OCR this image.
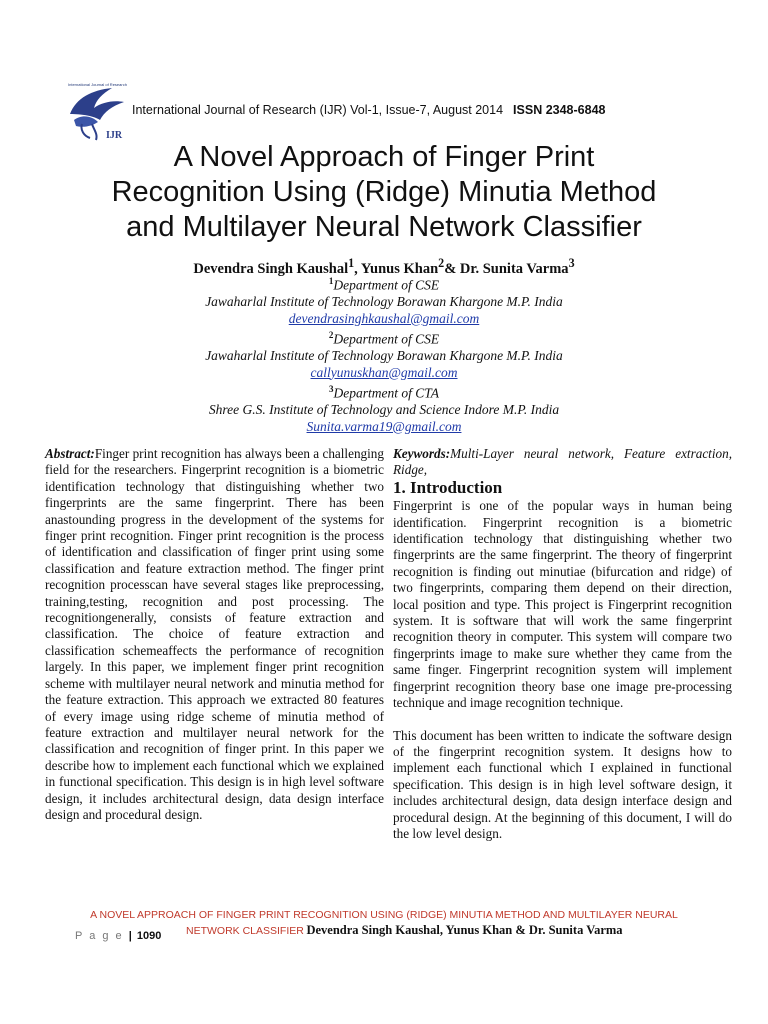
IJR
International Journal of Research
International Journal of Research (IJR) Vol-1, Issue-7, August 2014 ISSN 2348-6848
A Novel Approach of Finger Print
Recognition Using (Ridge) Minutia Method
and Multilayer Neural Network Classifier
Devendra Singh Kaushal$^1$, Yunus Khan$^2$& Dr. Sunita Varma$^3$
$^1$Department of CSE
Jawaharlal Institute of Technology Borawan Khargone M.P. India
devendrasinghkaushal@gmail.com
$^2$Department of CSE
Jawaharlal Institute of Technology Borawan Khargone M.P. India
callyunuskhan@gmail.com
$^3$Department of CTA
Shree G.S. Institute of Technology and Science Indore M.P. India
Sunita.varma19@gmail.com
Abstract:Finger print recognition has always been a challenging field for the researchers. Fingerprint recognition is a biometric identification technology that distinguishing whether two fingerprints are the same fingerprint. There has been anastounding progress in the development of the systems for finger print recognition. Finger print recognition is the process of identification and classification of finger print using some classification and feature extraction method. The finger print recognition processcan have several stages like preprocessing, training,testing, recognition and post processing. The recognitiongenerally, consists of feature extraction and classification. The choice of feature extraction and classification schemeaffects the performance of recognition largely. In this paper, we implement finger print recognition scheme with multilayer neural network and minutia method for the feature extraction. This approach we extracted 80 features of every image using ridge scheme of minutia method of feature extraction and multilayer neural network for the classification and recognition of finger print. In this paper we describe how to implement each functional which we explained in functional specification. This design is in high level software design, it includes architectural design, data design interface design and procedural design.
Keywords:Multi-Layer neural network, Feature extraction, Ridge,
1. Introduction
Fingerprint is one of the popular ways in human being identification. Fingerprint recognition is a biometric identification technology that distinguishing whether two fingerprints are the same fingerprint. The theory of fingerprint recognition is finding out minutiae (bifurcation and ridge) of two fingerprints, comparing them depend on their direction, local position and type. This project is Fingerprint recognition system. It is software that will work the same fingerprint recognition theory in computer. This system will compare two fingerprints image to make sure whether they came from the same finger. Fingerprint recognition system will implement fingerprint recognition theory base one image pre-processing technique and image recognition technique.
This document has been written to indicate the software design of the fingerprint recognition system. It designs how to implement each functional which I explained in functional specification. This design is in high level software design, it includes architectural design, data design interface design and procedural design. At the beginning of this document, I will do the low level design.
A NOVEL APPROACH OF FINGER PRINT RECOGNITION USING (RIDGE) MINUTIA METHOD AND MULTILAYER NEURAL
NETWORK CLASSIFIER Devendra Singh Kaushal, Yunus Khan & Dr. Sunita Varma
P a g e | 1090
